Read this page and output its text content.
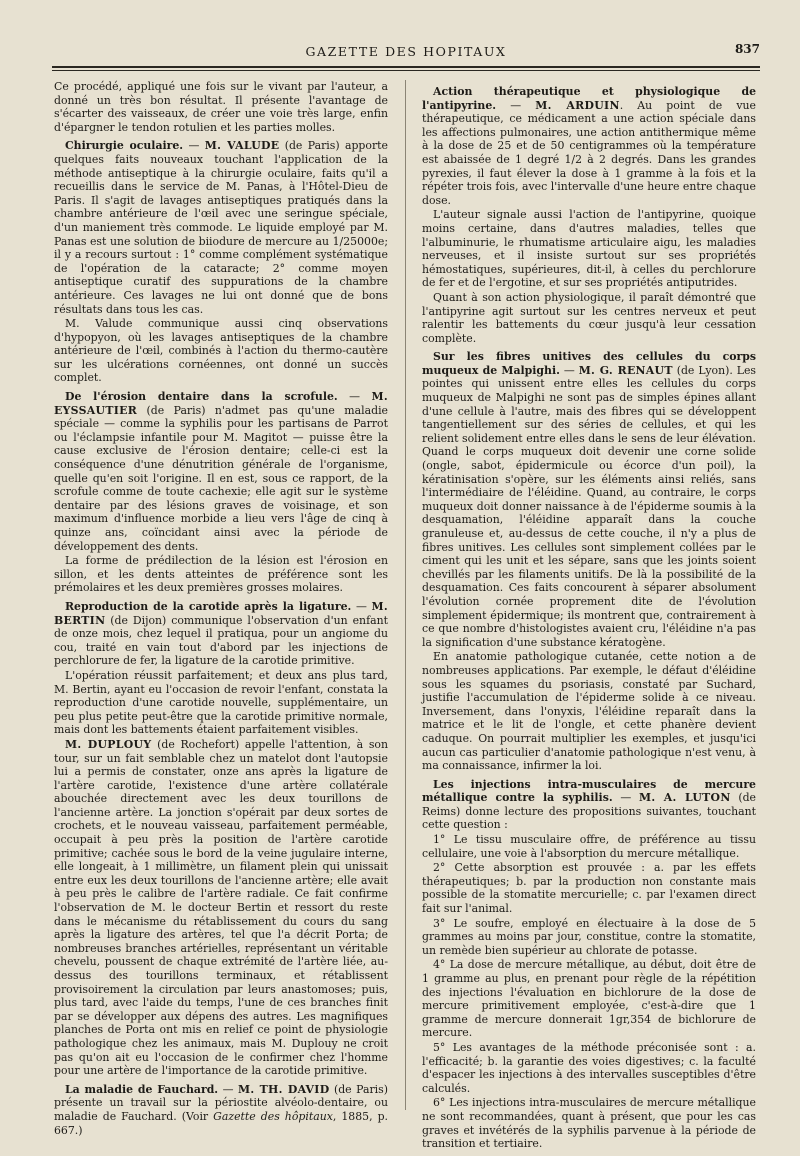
GAZETTE DES HOPITAUX	837

Ce procédé, appliqué une fois sur le vivant par l'auteur, a donné un très bon résultat. Il présente l'avantage de s'écarter des vaisseaux, de créer une voie très large, enfin d'épargner le tendon rotulien et les parties molles.

Chirurgie oculaire. — M. VALUDE (de Paris) apporte quelques faits nouveaux touchant l'application de la méthode antiseptique à la chirurgie oculaire, faits qu'il a recueillis dans le service de M. Panas, à l'Hôtel-Dieu de Paris. Il s'agit de lavages antiseptiques pratiqués dans la chambre antérieure de l'œil avec une seringue spéciale, d'un maniement très commode. Le liquide employé par M. Panas est une solution de biiodure de mercure au 1/25000e; il y a recours surtout : 1° comme complément systématique de l'opération de la cataracte; 2° comme moyen antiseptique curatif des suppurations de la chambre antérieure. Ces lavages ne lui ont donné que de bons résultats dans tous les cas.

M. Valude communique aussi cinq observations d'hypopyon, où les lavages antiseptiques de la chambre antérieure de l'œil, combinés à l'action du thermo-cautère sur les ulcérations cornéennes, ont donné un succès complet.

De l'érosion dentaire dans la scrofule. — M. EYSSAUTIER (de Paris) n'admet pas qu'une maladie spéciale — comme la syphilis pour les partisans de Parrot ou l'éclampsie infantile pour M. Magitot — puisse être la cause exclusive de l'érosion dentaire; celle-ci est la conséquence d'une dénutrition générale de l'organisme, quelle qu'en soit l'origine. Il en est, sous ce rapport, de la scrofule comme de toute cachexie; elle agit sur le système dentaire par des lésions graves de voisinage, et son maximum d'influence morbide a lieu vers l'âge de cinq à quinze ans, coïncidant ainsi avec la période de développement des dents.

La forme de prédilection de la lésion est l'érosion en sillon, et les dents atteintes de préférence sont les prémolaires et les deux premières grosses molaires.

Reproduction de la carotide après la ligature. — M. BERTIN (de Dijon) communique l'observation d'un enfant de onze mois, chez lequel il pratiqua, pour un angiome du cou, traité en vain tout d'abord par les injections de perchlorure de fer, la ligature de la carotide primitive.

L'opération réussit parfaitement; et deux ans plus tard, M. Bertin, ayant eu l'occasion de revoir l'enfant, constata la reproduction d'une carotide nouvelle, supplémentaire, un peu plus petite peut-être que la carotide primitive normale, mais dont les battements étaient parfaitement visibles.

M. DUPLOUY (de Rochefort) appelle l'attention, à son tour, sur un fait semblable chez un matelot dont l'autopsie lui a permis de constater, onze ans après la ligature de l'artère carotide, l'existence d'une artère collatérale abouchée directement avec les deux tourillons de l'ancienne artère. La jonction s'opérait par deux sortes de crochets, et le nouveau vaisseau, parfaitement perméable, occupait à peu près la position de l'artère carotide primitive; cachée sous le bord de la veine jugulaire interne, elle longeait, à 1 millimètre, un filament plein qui unissait entre eux les deux tourillons de l'ancienne artère; elle avait à peu près le calibre de l'artère radiale. Ce fait confirme l'observation de M. le docteur Bertin et ressort du reste dans le mécanisme du rétablissement du cours du sang après la ligature des artères, tel que l'a décrit Porta; de nombreuses branches artérielles, représentant un véritable chevelu, poussent de chaque extrémité de l'artère liée, au-dessus des tourillons terminaux, et rétablissent provisoirement la circulation par leurs anastomoses; puis, plus tard, avec l'aide du temps, l'une de ces branches finit par se développer aux dépens des autres. Les magnifiques planches de Porta ont mis en relief ce point de physiologie pathologique chez les animaux, mais M. Duplouy ne croit pas qu'on ait eu l'occasion de le confirmer chez l'homme pour une artère de l'importance de la carotide primitive.

La maladie de Fauchard. — M. TH. DAVID (de Paris) présente un travail sur la périostite alvéolo-dentaire, ou maladie de Fauchard. (Voir Gazette des hôpitaux, 1885, p. 667.)

Action thérapeutique et physiologique de l'antipyrine. — M. ARDUIN. Au point de vue thérapeutique, ce médicament a une action spéciale dans les affections pulmonaires, une action antithermique même à la dose de 25 et de 50 centigrammes où la température est abaissée de 1 degré 1/2 à 2 degrés. Dans les grandes pyrexies, il faut élever la dose à 1 gramme à la fois et la répéter trois fois, avec l'intervalle d'une heure entre chaque dose.

L'auteur signale aussi l'action de l'antipyrine, quoique moins certaine, dans d'autres maladies, telles que l'albuminurie, le rhumatisme articulaire aigu, les maladies nerveuses, et il insiste surtout sur ses propriétés hémostatiques, supérieures, dit-il, à celles du perchlorure de fer et de l'ergotine, et sur ses propriétés antiputrides.

Quant à son action physiologique, il paraît démontré que l'antipyrine agit surtout sur les centres nerveux et peut ralentir les battements du cœur jusqu'à leur cessation complète.

Sur les fibres unitives des cellules du corps muqueux de Malpighi. — M. G. RENAUT (de Lyon). Les pointes qui unissent entre elles les cellules du corps muqueux de Malpighi ne sont pas de simples épines allant d'une cellule à l'autre, mais des fibres qui se développent tangentiellement sur des séries de cellules, et qui les relient solidement entre elles dans le sens de leur élévation. Quand le corps muqueux doit devenir une corne solide (ongle, sabot, épidermicule ou écorce d'un poil), la kératinisation s'opère, sur les éléments ainsi reliés, sans l'intermédiaire de l'éléidine. Quand, au contraire, le corps muqueux doit donner naissance à de l'épiderme soumis à la desquamation, l'éléidine apparaît dans la couche granuleuse et, au-dessus de cette couche, il n'y a plus de fibres unitives. Les cellules sont simplement collées par le ciment qui les unit et les sépare, sans que les joints soient chevillés par les filaments unitifs. De là la possibilité de la desquamation. Ces faits concourent à séparer absolument l'évolution cornée proprement dite de l'évolution simplement épidermique; ils montrent que, contrairement à ce que nombre d'histologistes avaient cru, l'éléidine n'a pas la signification d'une substance kératogène.

En anatomie pathologique cutanée, cette notion a de nombreuses applications. Par exemple, le défaut d'éléidine sous les squames du psoriasis, constaté par Suchard, justifie l'accumulation de l'épiderme solide à ce niveau. Inversement, dans l'onyxis, l'éléidine reparaît dans la matrice et le lit de l'ongle, et cette phanère devient caduque. On pourrait multiplier les exemples, et jusqu'ici aucun cas particulier d'anatomie pathologique n'est venu, à ma connaissance, infirmer la loi.

Les injections intra-musculaires de mercure métallique contre la syphilis. — M. A. LUTON (de Reims) donne lecture des propositions suivantes, touchant cette question :

1° Le tissu musculaire offre, de préférence au tissu cellulaire, une voie à l'absorption du mercure métallique.

2° Cette absorption est prouvée : a. par les effets thérapeutiques; b. par la production non constante mais possible de la stomatite mercurielle; c. par l'examen direct fait sur l'animal.

3° Le soufre, employé en électuaire à la dose de 5 grammes au moins par jour, constitue, contre la stomatite, un remède bien supérieur au chlorate de potasse.

4° La dose de mercure métallique, au début, doit être de 1 gramme au plus, en prenant pour règle de la répétition des injections l'évaluation en bichlorure de la dose de mercure primitivement employée, c'est-à-dire que 1 gramme de mercure donnerait 1gr,354 de bichlorure de mercure.

5° Les avantages de la méthode préconisée sont : a. l'efficacité; b. la garantie des voies digestives; c. la faculté d'espacer les injections à des intervalles susceptibles d'être calculés.

6° Les injections intra-musculaires de mercure métallique ne sont recommandées, quant à présent, que pour les cas graves et invétérés de la syphilis parvenue à la période de transition et tertiaire.
